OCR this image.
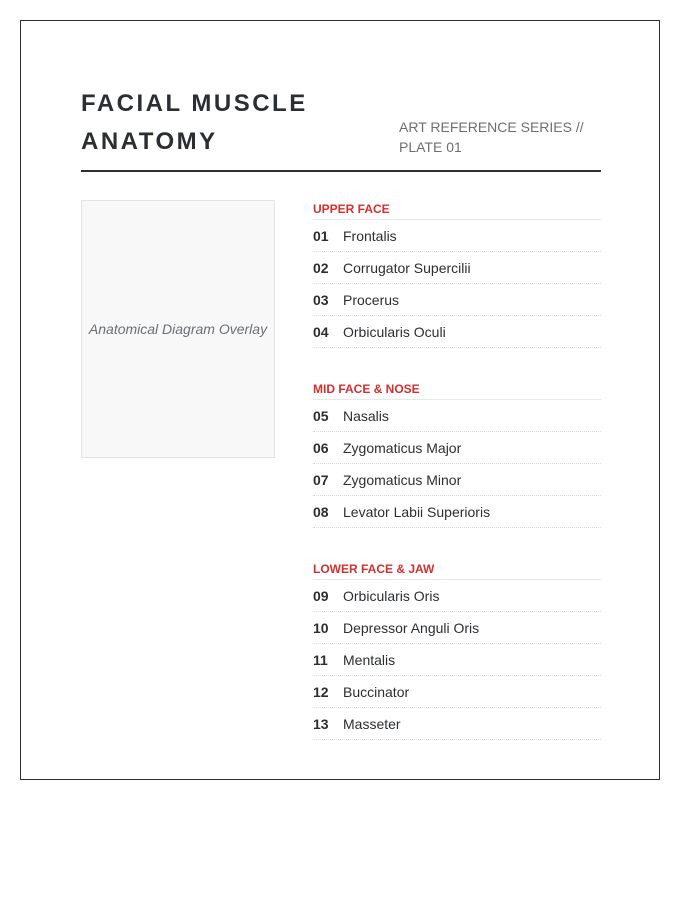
FACIAL MUSCLE
ANATOMY
ART REFERENCE SERIES //
PLATE 01
Anatomical Diagram Overlay
UPPER FACE
01 Frontalis
02 Corrugator Supercilii
03 Procerus
04 Orbicularis Oculi
MID FACE & NOSE
05 Nasalis
06 Zygomaticus Major
07 Zygomaticus Minor
08 Levator Labii Superioris
LOWER FACE & JAW
09 Orbicularis Oris
10 Depressor Anguli Oris
11 Mentalis
12 Buccinator
13 Masseter
